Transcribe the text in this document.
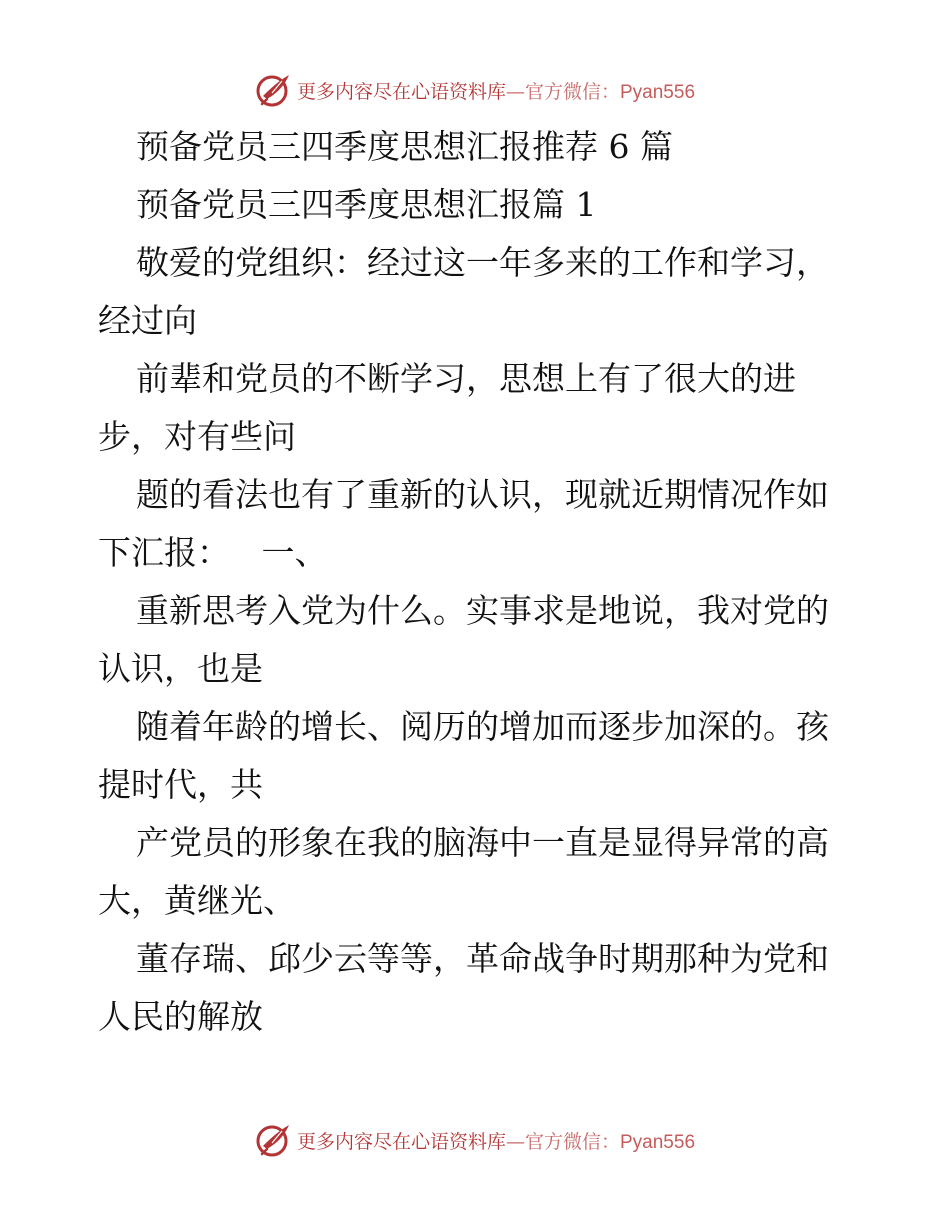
更多内容尽在心语资料库—官方微信：Pyan556
预备党员三四季度思想汇报推荐 6 篇
预备党员三四季度思想汇报篇 1
敬爱的党组织：经过这一年多来的工作和学习，
经过向
前辈和党员的不断学习，思想上有了很大的进
步，对有些问
题的看法也有了重新的认识，现就近期情况作如
下汇报：   一、
重新思考入党为什么。实事求是地说，我对党的
认识，也是
随着年龄的增长、阅历的增加而逐步加深的。孩
提时代，共
产党员的形象在我的脑海中一直是显得异常的高
大，黄继光、
董存瑞、邱少云等等，革命战争时期那种为党和
人民的解放
更多内容尽在心语资料库—官方微信：Pyan556
